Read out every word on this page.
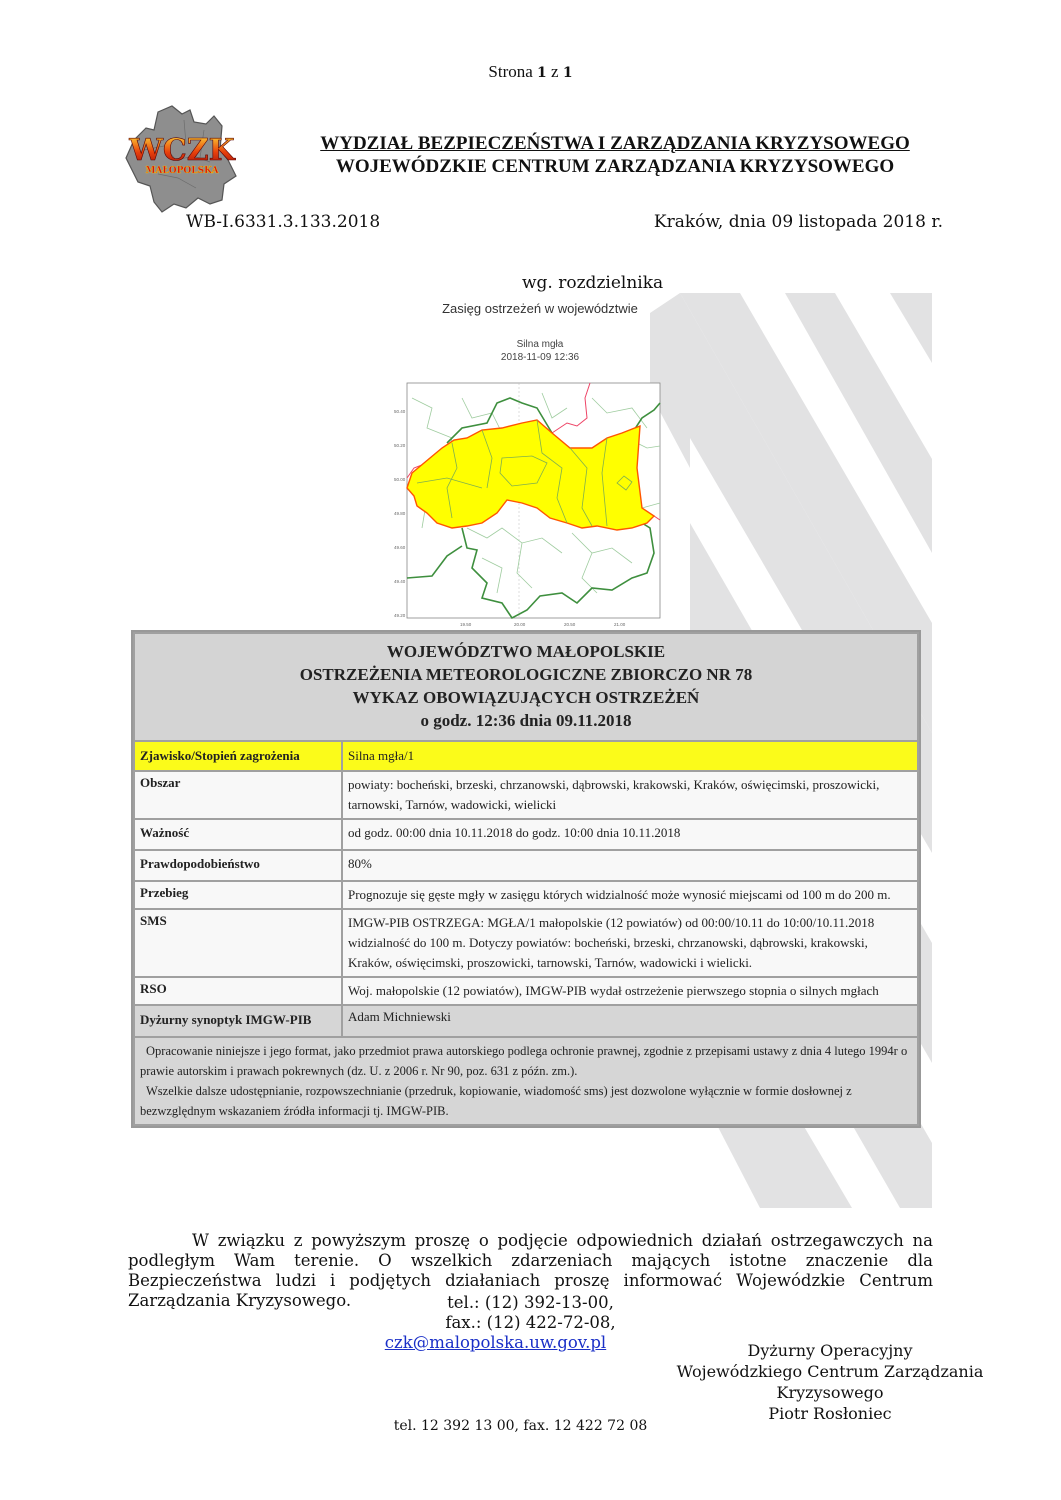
Strona 1 z 1
WCZK
MAŁOPOLSKA
WYDZIAŁ BEZPIECZEŃSTWA I ZARZĄDZANIA KRYZYSOWEGO
WOJEWÓDZKIE CENTRUM ZARZĄDZANIA KRYZYSOWEGO
WB-I.6331.3.133.2018	Kraków, dnia 09 listopada 2018 r.
wg. rozdzielnika
Zasięg ostrzeżeń w województwie
Silna mgła
2018-11-09 12:36
50.40
50.20
50.00
49.80
49.60
49.40
49.20
19.50	20.00	20.50	21.00
WOJEWÓDZTWO MAŁOPOLSKIE
OSTRZEŻENIA METEOROLOGICZNE ZBIORCZO NR 78
WYKAZ OBOWIĄZUJĄCYCH OSTRZEŻEŃ
o godz. 12:36 dnia 09.11.2018	

Zjawisko/Stopień zagrożenia	Silna mgła/1
Obszar	powiaty: bocheński, brzeski, chrzanowski, dąbrowski, krakowski, Kraków, oświęcimski, proszowicki, tarnowski, Tarnów, wadowicki, wielicki
Ważność	od godz. 00:00 dnia 10.11.2018 do godz. 10:00 dnia 10.11.2018
Prawdopodobieństwo	80%
Przebieg	Prognozuje się gęste mgły w zasięgu których widzialność może wynosić miejscami od 100 m do 200 m.
SMS	IMGW-PIB OSTRZEGA: MGŁA/1 małopolskie (12 powiatów) od 00:00/10.11 do 10:00/10.11.2018 widzialność do 100 m. Dotyczy powiatów: bocheński, brzeski, chrzanowski, dąbrowski, krakowski, Kraków, oświęcimski, proszowicki, tarnowski, Tarnów, wadowicki i wielicki.
RSO	Woj. małopolskie (12 powiatów), IMGW-PIB wydał ostrzeżenie pierwszego stopnia o silnych mgłach
Dyżurny synoptyk IMGW-PIB	Adam Michniewski

Opracowanie niniejsze i jego format, jako przedmiot prawa autorskiego podlega ochronie prawnej, zgodnie z przepisami ustawy z dnia 4 lutego 1994r o prawie autorskim i prawach pokrewnych (dz. U. z 2006 r. Nr 90, poz. 631 z późn. zm.).
Wszelkie dalsze udostępnianie, rozpowszechnianie (przedruk, kopiowanie, wiadomość sms) jest dozwolone wyłącznie w formie dosłownej z bezwzględnym wskazaniem źródła informacji tj. IMGW-PIB.	
W związku z powyższym proszę o podjęcie odpowiednich działań ostrzegawczych na podległym Wam terenie. O wszelkich zdarzeniach mających istotne znaczenie dla Bezpieczeństwa ludzi i podjętych działaniach proszę informować Wojewódzkie Centrum Zarządzania Kryzysowego.	tel.: (12) 392-13-00,
fax.: (12) 422-72-08,
czk@malopolska.uw.gov.pl	Dyżurny Operacyjny
Wojewódzkiego Centrum Zarządzania
Kryzysowego
Piotr Rosłoniec
tel. 12 392 13 00, fax. 12 422 72 08
